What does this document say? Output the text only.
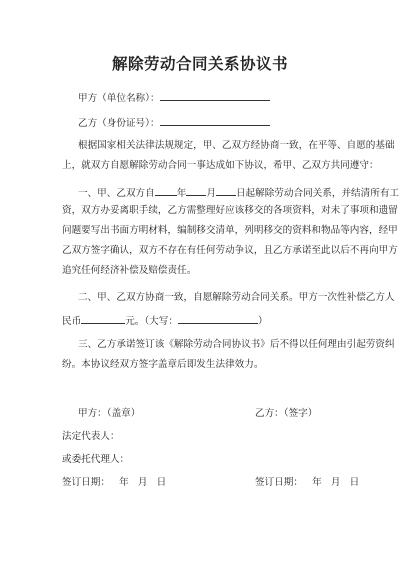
解除劳动合同关系协议书
甲方（单位名称）：
乙方（身份证号）：
根据国家相关法律法规规定，甲、乙双方经协商一致，在平等、自愿的基础
上，就双方自愿解除劳动合同一事达成如下协议，希甲、乙双方共同遵守：
一、甲、乙双方自 年 月 日起解除劳动合同关系，并结清所有工
资，双方办妥离职手续，乙方需整理好应该移交的各项资料，对未了事项和遗留
问题要写出书面方明材料，编制移交清单，列明移交的资料和物品等内容，经甲
乙双方签字确认，双方不存在有任何劳动争议，且乙方承诺至此以后不再向甲方
追究任何经济补偿及赔偿责任。
二、甲、乙双方协商一致，自愿解除劳动合同关系。甲方一次性补偿乙方人
民币	元。（大写：	）
三、乙方承诺签订该《解除劳动合同协议书》后不得以任何理由引起劳资纠
纷。本协议经双方签字盖章后即发生法律效力。
甲方：（盖章）	乙方：（签字）
法定代表人：
或委托代理人：
签订日期：   年   月   日	签订日期：   年   月   日
